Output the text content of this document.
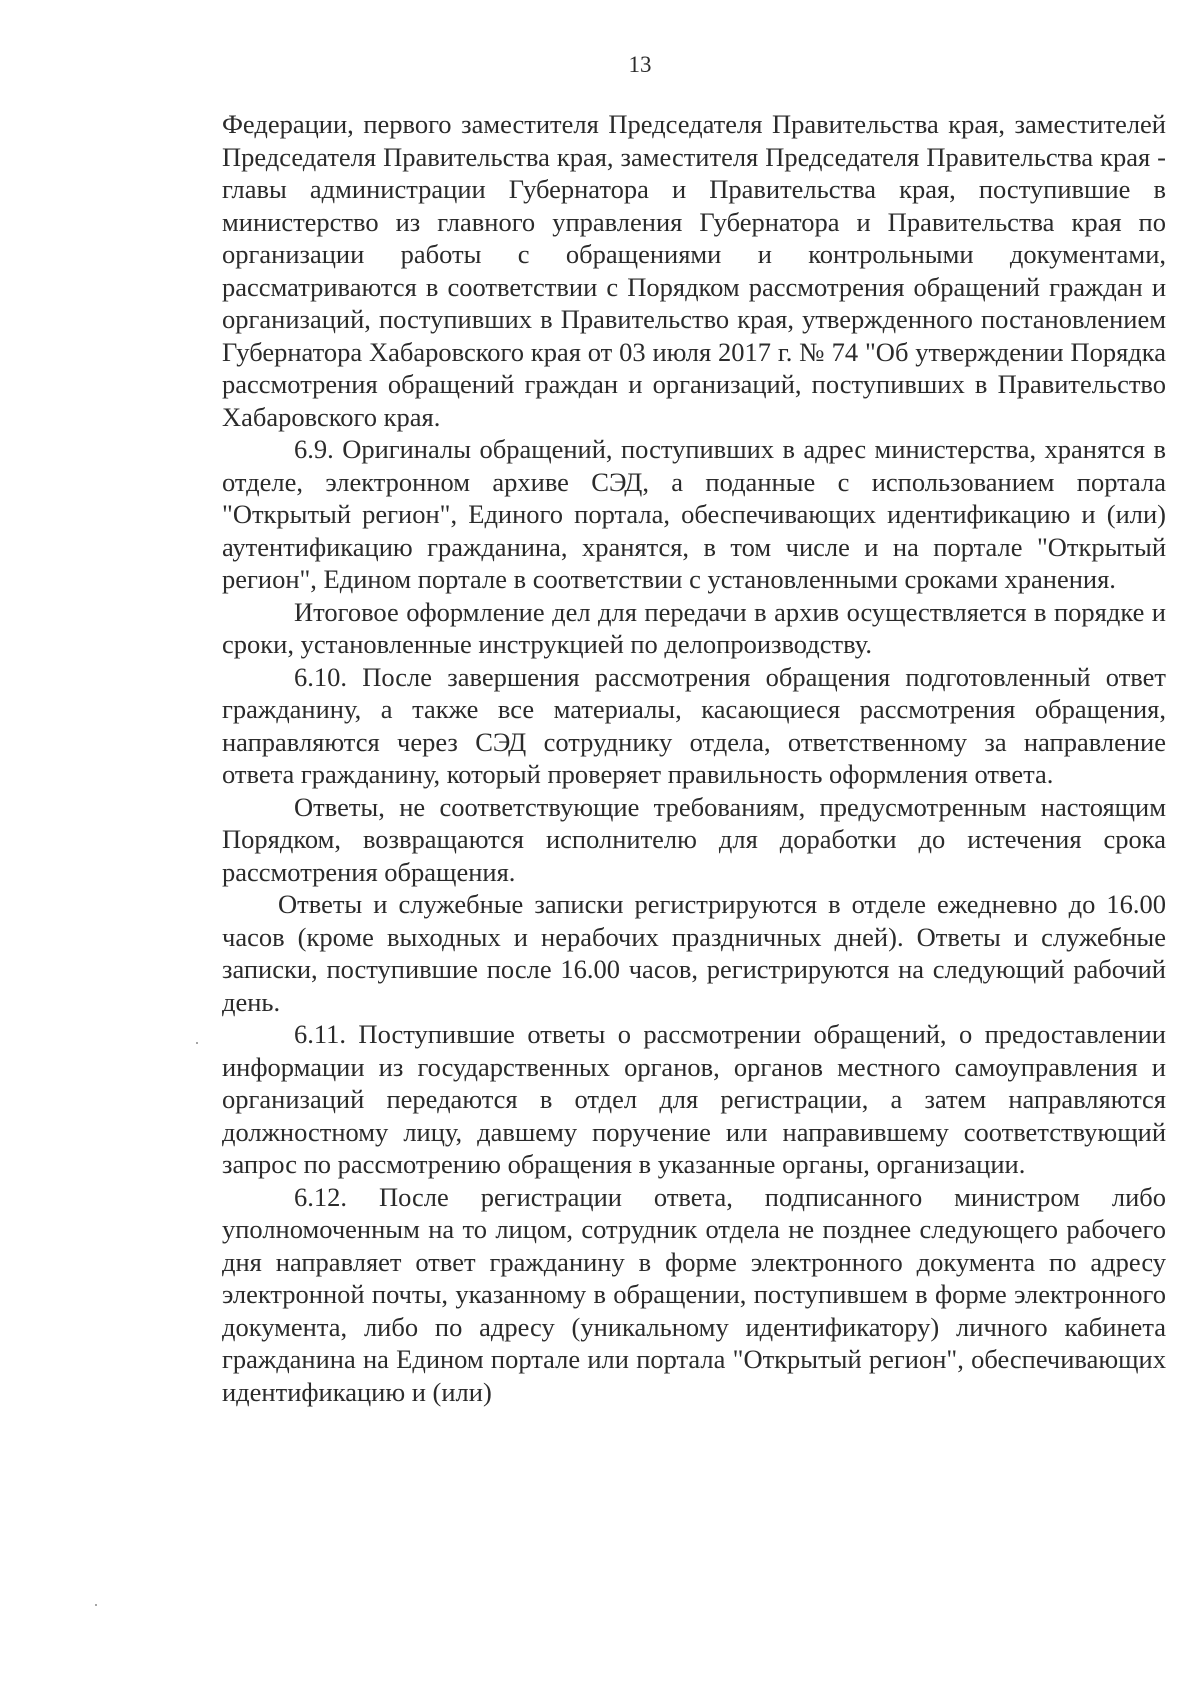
13

Федерации, первого заместителя Председателя Правительства края, заместителей Председателя Правительства края, заместителя Председателя Правительства края - главы администрации Губернатора и Правительства края, поступившие в министерство из главного управления Губернатора и Правительства края по организации работы с обращениями и контрольными документами, рассматриваются в соответствии с Порядком рассмотрения обращений граждан и организаций, поступивших в Правительство края, утвержденного постановлением Губернатора Хабаровского края от 03 июля 2017 г. № 74 "Об утверждении Порядка рассмотрения обращений граждан и организаций, поступивших в Правительство Хабаровского края.

6.9. Оригиналы обращений, поступивших в адрес министерства, хранятся в отделе, электронном архиве СЭД, а поданные с использованием портала "Открытый регион", Единого портала, обеспечивающих идентификацию и (или) аутентификацию гражданина, хранятся, в том числе и на портале "Открытый регион", Едином портале в соответствии с установленными сроками хранения.

Итоговое оформление дел для передачи в архив осуществляется в порядке и сроки, установленные инструкцией по делопроизводству.

6.10. После завершения рассмотрения обращения подготовленный ответ гражданину, а также все материалы, касающиеся рассмотрения обращения, направляются через СЭД сотруднику отдела, ответственному за направление ответа гражданину, который проверяет правильность оформления ответа.

Ответы, не соответствующие требованиям, предусмотренным настоящим Порядком, возвращаются исполнителю для доработки до истечения срока рассмотрения обращения.

Ответы и служебные записки регистрируются в отделе ежедневно до 16.00 часов (кроме выходных и нерабочих праздничных дней). Ответы и служебные записки, поступившие после 16.00 часов, регистрируются на следующий рабочий день.

6.11. Поступившие ответы о рассмотрении обращений, о предоставлении информации из государственных органов, органов местного самоуправления и организаций передаются в отдел для регистрации, а затем направляются должностному лицу, давшему поручение или направившему соответствующий запрос по рассмотрению обращения в указанные органы, организации.

6.12. После регистрации ответа, подписанного министром либо уполномоченным на то лицом, сотрудник отдела не позднее следующего рабочего дня направляет ответ гражданину в форме электронного документа по адресу электронной почты, указанному в обращении, поступившем в форме электронного документа, либо по адресу (уникальному идентификатору) личного кабинета гражданина на Едином портале или портала "Открытый регион", обеспечивающих идентификацию и (или)
